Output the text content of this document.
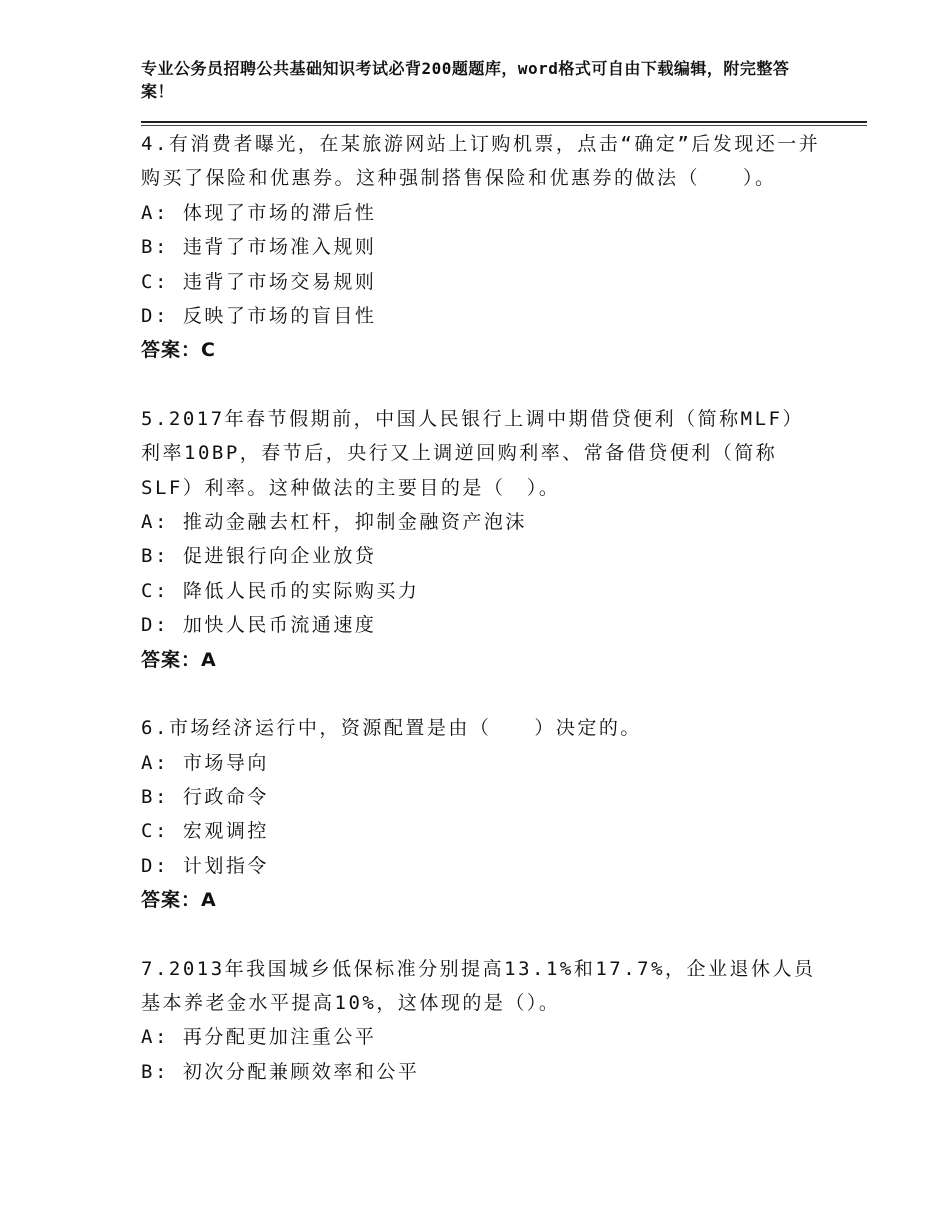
专业公务员招聘公共基础知识考试必背200题题库，word格式可自由下载编辑，附完整答案！

4.有消费者曝光，在某旅游网站上订购机票，点击“确定”后发现还一并购买了保险和优惠券。这种强制搭售保险和优惠券的做法（　　）。

A: 体现了市场的滞后性

B: 违背了市场准入规则

C: 违背了市场交易规则

D: 反映了市场的盲目性

答案：C

5.2017年春节假期前，中国人民银行上调中期借贷便利（简称MLF）利率10BP，春节后，央行又上调逆回购利率、常备借贷便利（简称SLF）利率。这种做法的主要目的是（　）。

A: 推动金融去杠杆，抑制金融资产泡沫

B: 促进银行向企业放贷

C: 降低人民币的实际购买力

D: 加快人民币流通速度

答案：A

6.市场经济运行中，资源配置是由（　　）决定的。

A: 市场导向

B: 行政命令

C: 宏观调控

D: 计划指令

答案：A

7.2013年我国城乡低保标准分别提高13.1%和17.7%，企业退休人员基本养老金水平提高10%，这体现的是（）。

A: 再分配更加注重公平

B: 初次分配兼顾效率和公平
